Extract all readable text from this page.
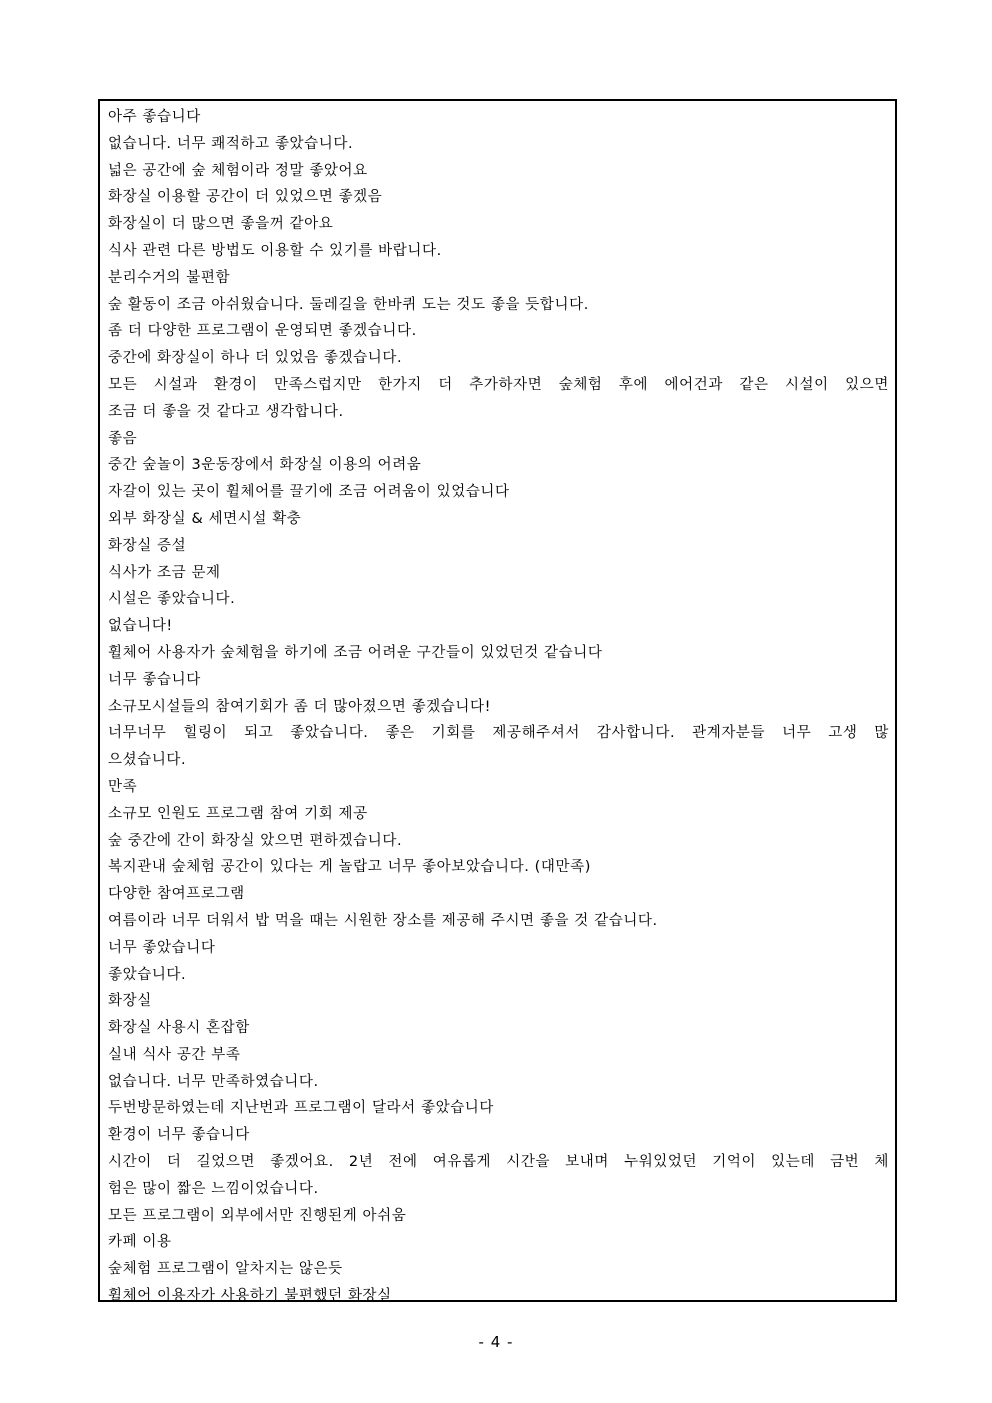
아주 좋습니다
없습니다. 너무 쾌적하고 좋았습니다.
넓은 공간에 숲 체험이라 정말 좋았어요
화장실 이용할 공간이 더 있었으면 좋겠음
화장실이 더 많으면 좋을꺼 같아요
식사 관련 다른 방법도 이용할 수 있기를 바랍니다.
분리수거의 불편함
숲 활동이 조금 아쉬웠습니다. 둘레길을 한바퀴 도는 것도 좋을 듯합니다.
좀 더 다양한 프로그램이 운영되면 좋겠습니다.
중간에 화장실이 하나 더 있었음 좋겠습니다.
모든 시설과 환경이 만족스럽지만 한가지 더 추가하자면 숲체험 후에 에어건과 같은 시설이 있으면
조금 더 좋을 것 같다고 생각합니다.
좋음
중간 숲놀이 3운동장에서 화장실 이용의 어려움
자갈이 있는 곳이 휠체어를 끌기에 조금 어려움이 있었습니다
외부 화장실 & 세면시설 확충
화장실 증설
식사가 조금 문제
시설은 좋았습니다.
없습니다!
휠체어 사용자가 숲체험을 하기에 조금 어려운 구간들이 있었던것 같습니다
너무 좋습니다
소규모시설들의 참여기회가 좀 더 많아졌으면 좋겠습니다!
너무너무 힐링이 되고 좋았습니다. 좋은 기회를 제공해주셔서 감사합니다. 관계자분들 너무 고생 많
으셨습니다.
만족
소규모 인원도 프로그램 참여 기회 제공
숲 중간에 간이 화장실 았으면 편하겠습니다.
복지관내 숲체험 공간이 있다는 게 놀랍고 너무 좋아보았습니다. (대만족)
다양한 참여프로그램
여름이라 너무 더워서 밥 먹을 때는 시원한 장소를 제공해 주시면 좋을 것 같습니다.
너무 좋았습니다
좋았습니다.
화장실
화장실 사용시 혼잡함
실내 식사 공간 부족
없습니다. 너무 만족하였습니다.
두번방문하였는데 지난번과 프로그램이 달라서 좋았습니다
환경이 너무 좋습니다
시간이 더 길었으면 좋겠어요. 2년 전에 여유롭게 시간을 보내며 누워있었던 기억이 있는데 금번 체
험은 많이 짧은 느낌이었습니다.
모든 프로그램이 외부에서만 진행된게 아쉬움
카페 이용
숲체험 프로그램이 알차지는 않은듯
휠체어 이용자가 사용하기 불편했던 화장실
- 4 -
